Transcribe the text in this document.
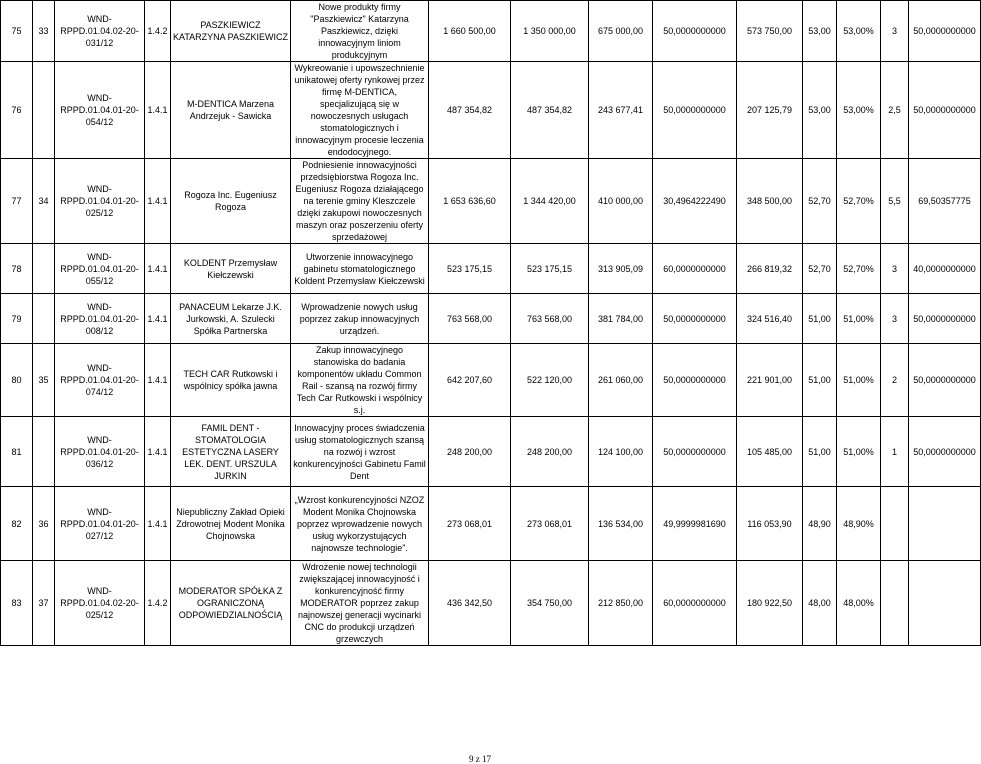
75	33	WND-RPPD.01.04.02-20-031/12	1.4.2	PASZKIEWICZ KATARZYNA PASZKIEWICZ	Nowe produkty firmy "Paszkiewicz" Katarzyna Paszkiewicz, dzięki innowacyjnym liniom produkcyjnym	1 660 500,00	1 350 000,00	675 000,00	50,0000000000	573 750,00	53,00	53,00%	3	50,0000000000
76		WND-RPPD.01.04.01-20-054/12	1.4.1	M-DENTICA Marzena Andrzejuk - Sawicka	Wykreowanie i upowszechnienie unikatowej oferty rynkowej przez firmę M-DENTICA, specjalizującą się w nowoczesnych usługach stomatologicznych i innowacyjnym procesie leczenia endodocyjnego.	487 354,82	487 354,82	243 677,41	50,0000000000	207 125,79	53,00	53,00%	2,5	50,0000000000
77	34	WND-RPPD.01.04.01-20-025/12	1.4.1	Rogoza Inc. Eugeniusz Rogoza	Podniesienie innowacyjności przedsiębiorstwa Rogoza Inc. Eugeniusz Rogoza działającego na terenie gminy Kleszczele dzięki zakupowi nowoczesnych maszyn oraz poszerzeniu oferty sprzedażowej	1 653 636,60	1 344 420,00	410 000,00	30,4964222490	348 500,00	52,70	52,70%	5,5	69,50357775
78		WND-RPPD.01.04.01-20-055/12	1.4.1	KOLDENT Przemysław Kiełczewski	Utworzenie innowacyjnego gabinetu stomatologicznego Koldent Przemysław Kiełczewski	523 175,15	523 175,15	313 905,09	60,0000000000	266 819,32	52,70	52,70%	3	40,0000000000
79		WND-RPPD.01.04.01-20-008/12	1.4.1	PANACEUM Lekarze J.K. Jurkowski, A. Szulecki Spółka Partnerska	Wprowadzenie nowych usług poprzez zakup innowacyjnych urządzeń.	763 568,00	763 568,00	381 784,00	50,0000000000	324 516,40	51,00	51,00%	3	50,0000000000
80	35	WND-RPPD.01.04.01-20-074/12	1.4.1	TECH CAR Rutkowski i wspólnicy spółka jawna	Zakup innowacyjnego stanowiska do badania komponentów układu Common Rail - szansą na rozwój firmy Tech Car Rutkowski i wspólnicy s.j.	642 207,60	522 120,00	261 060,00	50,0000000000	221 901,00	51,00	51,00%	2	50,0000000000
81		WND-RPPD.01.04.01-20-036/12	1.4.1	FAMIL DENT - STOMATOLOGIA ESTETYCZNA LASERY LEK. DENT. URSZULA JURKIN	Innowacyjny proces świadczenia usług stomatologicznych szansą na rozwój i wzrost konkurencyjności Gabinetu Famil Dent	248 200,00	248 200,00	124 100,00	50,0000000000	105 485,00	51,00	51,00%	1	50,0000000000
82	36	WND-RPPD.01.04.01-20-027/12	1.4.1	Niepubliczny Zakład Opieki Zdrowotnej Modent Monika Chojnowska	„Wzrost konkurencyjności NZOZ Modent Monika Chojnowska poprzez wprowadzenie nowych usług wykorzystujących najnowsze technologie”.	273 068,01	273 068,01	136 534,00	49,9999981690	116 053,90	48,90	48,90%		
83	37	WND-RPPD.01.04.02-20-025/12	1.4.2	MODERATOR SPÓŁKA Z OGRANICZONĄ ODPOWIEDZIALNOŚCIĄ	Wdrożenie nowej technologii zwiększającej innowacyjność i konkurencyjność firmy MODERATOR poprzez zakup najnowszej generacji wycinarki CNC do produkcji urządzeń grzewczych	436 342,50	354 750,00	212 850,00	60,0000000000	180 922,50	48,00	48,00%		
9 z 17
